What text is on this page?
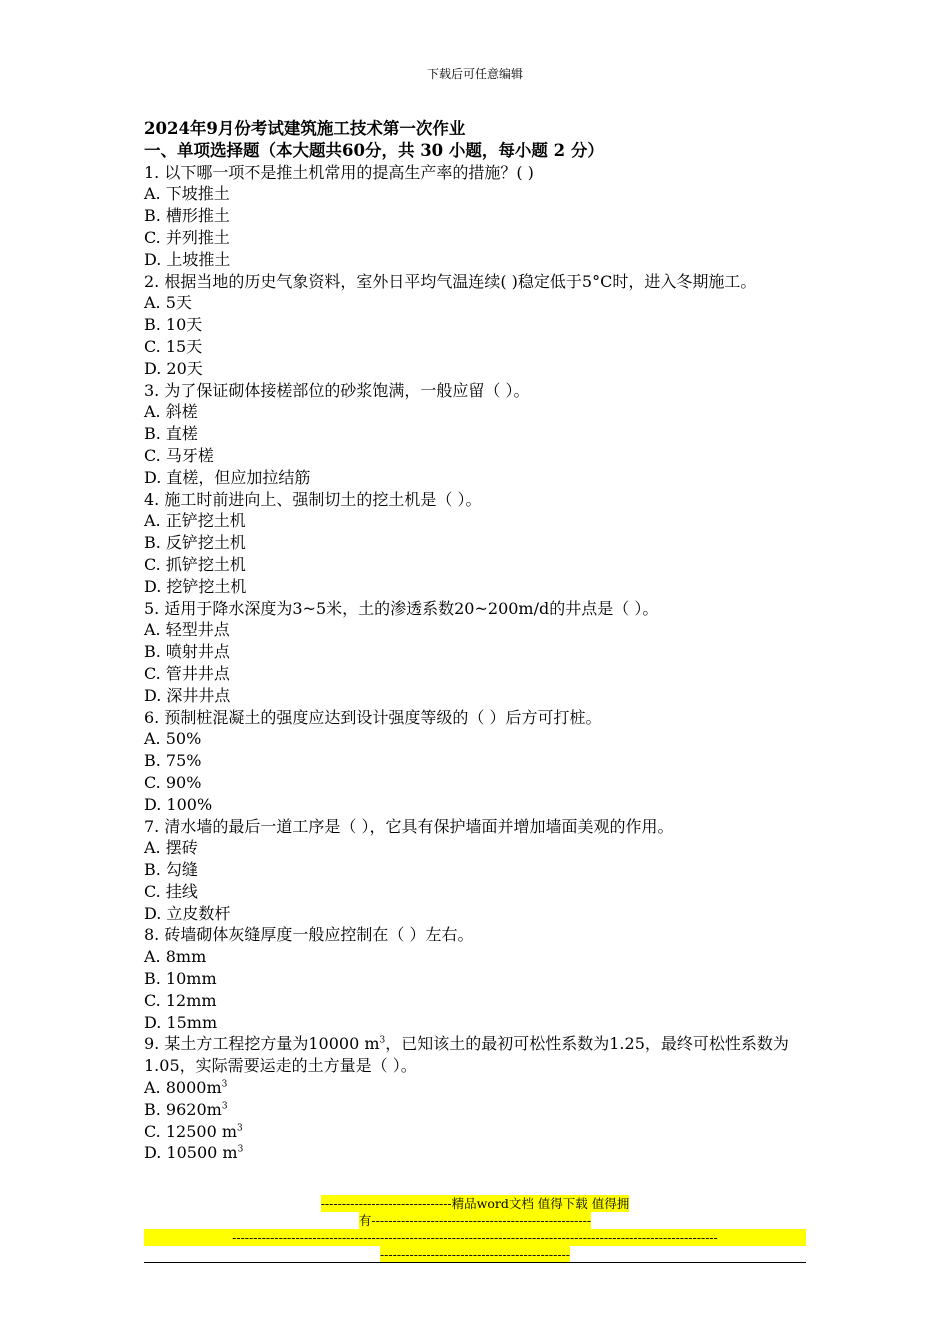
下载后可任意编辑
2024年9月份考试建筑施工技术第一次作业
一、单项选择题（本大题共60分，共 30 小题，每小题 2 分）
1. 以下哪一项不是推土机常用的提高生产率的措施？( )
A. 下坡推土
B. 槽形推土
C. 并列推土
D. 上坡推土
2. 根据当地的历史气象资料，室外日平均气温连续( )稳定低于5°C时，进入冬期施工。
A. 5天
B. 10天
C. 15天
D. 20天
3. 为了保证砌体接槎部位的砂浆饱满，一般应留（ ）。
A. 斜槎
B. 直槎
C. 马牙槎
D. 直槎，但应加拉结筋
4. 施工时前进向上、强制切土的挖土机是（ ）。
A. 正铲挖土机
B. 反铲挖土机
C. 抓铲挖土机
D. 挖铲挖土机
5. 适用于降水深度为3~5米，土的渗透系数20~200m/d的井点是（ ）。
A. 轻型井点
B. 喷射井点
C. 管井井点
D. 深井井点
6. 预制桩混凝土的强度应达到设计强度等级的（ ）后方可打桩。
A. 50%
B. 75%
C. 90%
D. 100%
7. 清水墙的最后一道工序是（ ），它具有保护墙面并增加墙面美观的作用。
A. 摆砖
B. 勾缝
C. 挂线
D. 立皮数杆
8. 砖墙砌体灰缝厚度一般应控制在（ ）左右。
A. 8mm
B. 10mm
C. 12mm
D. 15mm
9. 某土方工程挖方量为10000 $m^3$，已知该土的最初可松性系数为1.25，最终可松性系数为1.05，实际需要运走的土方量是（ ）。
A. $8000m^3$
B. $9620m^3$
C. 12500 $m^3$
D. 10500 $m^3$
-------------------------------精品word文档 值得下载 值得拥
有----------------------------------------------------
-------------------------------------------------------------------------------------------------------------------
---------------------------------------------
